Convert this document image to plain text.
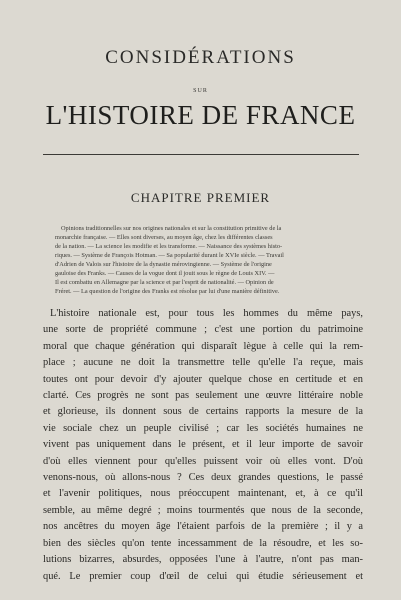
CONSIDÉRATIONS
SUR
L'HISTOIRE DE FRANCE
CHAPITRE PREMIER
Opinions traditionnelles sur nos origines nationales et sur la constitution primitive de la
monarchie française. — Elles sont diverses, au moyen âge, chez les différentes classes
de la nation. — La science les modifie et les transforme. — Naissance des systèmes histo-
riques. — Système de François Hotman. — Sa popularité durant le XVIe siècle. — Travail
d'Adrien de Valois sur l'histoire de la dynastie mérovingienne. — Système de l'origine
gauloise des Franks. — Causes de la vogue dont il jouit sous le règne de Louis XIV. —
Il est combattu en Allemagne par la science et par l'esprit de nationalité. — Opinion de
Fréret. — La question de l'origine des Franks est résolue par lui d'une manière définitive.
L'histoire nationale est, pour tous les hommes du même pays,
une sorte de propriété commune ; c'est une portion du patrimoine
moral que chaque génération qui disparaît lègue à celle qui la rem-
place ; aucune ne doit la transmettre telle qu'elle l'a reçue, mais
toutes ont pour devoir d'y ajouter quelque chose en certitude et en
clarté. Ces progrès ne sont pas seulement une œuvre littéraire noble
et glorieuse, ils donnent sous de certains rapports la mesure de la
vie sociale chez un peuple civilisé ; car les sociétés humaines ne
vivent pas uniquement dans le présent, et il leur importe de savoir
d'où elles viennent pour qu'elles puissent voir où elles vont. D'où
venons-nous, où allons-nous ? Ces deux grandes questions, le passé
et l'avenir politiques, nous préoccupent maintenant, et, à ce qu'il
semble, au même degré ; moins tourmentés que nous de la seconde,
nos ancêtres du moyen âge l'étaient parfois de la première ; il y a
bien des siècles qu'on tente incessamment de la résoudre, et les so-
lutions bizarres, absurdes, opposées l'une à l'autre, n'ont pas man-
qué. Le premier coup d'œil de celui qui étudie sérieusement et
